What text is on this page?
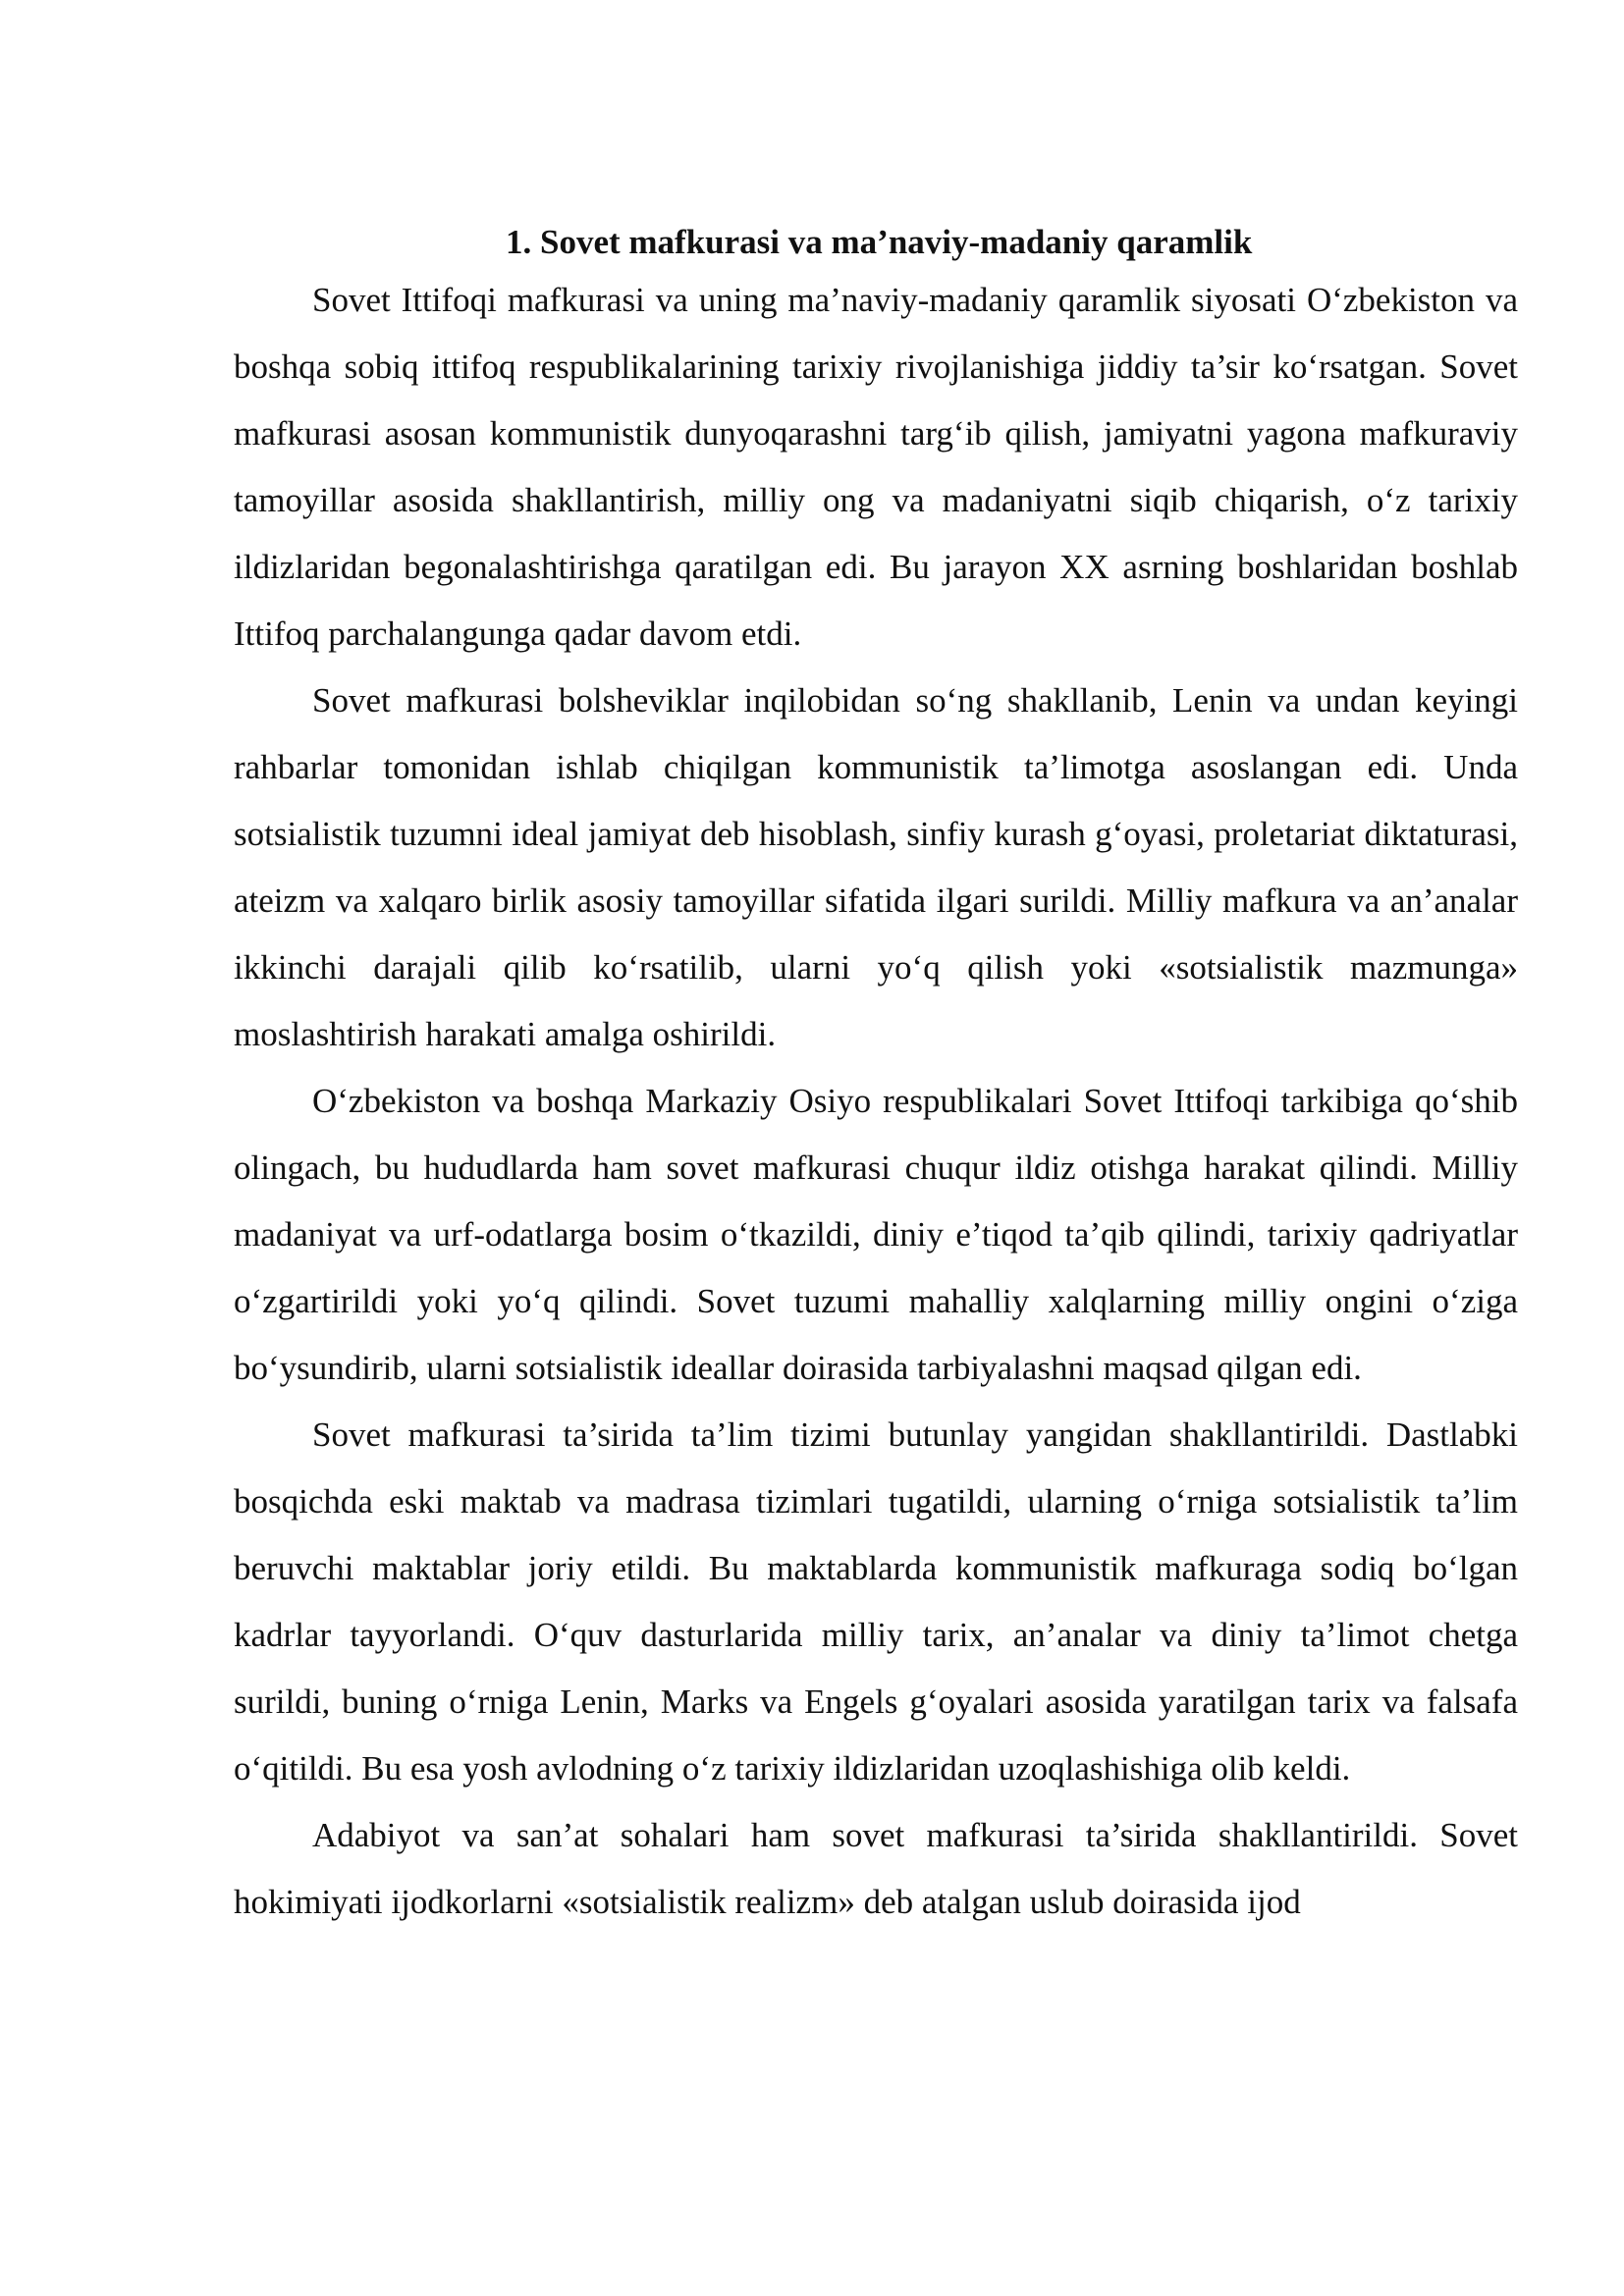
1. Sovet mafkurasi va ma’naviy-madaniy qaramlik

Sovet Ittifoqi mafkurasi va uning ma’naviy-madaniy qaramlik siyosati O‘zbekiston va boshqa sobiq ittifoq respublikalarining tarixiy rivojlanishiga jiddiy ta’sir ko‘rsatgan. Sovet mafkurasi asosan kommunistik dunyoqarashni targ‘ib qilish, jamiyatni yagona mafkuraviy tamoyillar asosida shakllantirish, milliy ong va madaniyatni siqib chiqarish, o‘z tarixiy ildizlaridan begonalashtirishga qaratilgan edi. Bu jarayon XX asrning boshlaridan boshlab Ittifoq parchalangunga qadar davom etdi.

Sovet mafkurasi bolsheviklar inqilobidan so‘ng shakllanib, Lenin va undan keyingi rahbarlar tomonidan ishlab chiqilgan kommunistik ta’limotga asoslangan edi. Unda sotsialistik tuzumni ideal jamiyat deb hisoblash, sinfiy kurash g‘oyasi, proletariat diktaturasi, ateizm va xalqaro birlik asosiy tamoyillar sifatida ilgari surildi. Milliy mafkura va an’analar ikkinchi darajali qilib ko‘rsatilib, ularni yo‘q qilish yoki «sotsialistik mazmunga» moslashtirish harakati amalga oshirildi.

O‘zbekiston va boshqa Markaziy Osiyo respublikalari Sovet Ittifoqi tarkibiga qo‘shib olingach, bu hududlarda ham sovet mafkurasi chuqur ildiz otishga harakat qilindi. Milliy madaniyat va urf-odatlarga bosim o‘tkazildi, diniy e’tiqod ta’qib qilindi, tarixiy qadriyatlar o‘zgartirildi yoki yo‘q qilindi. Sovet tuzumi mahalliy xalqlarning milliy ongini o‘ziga bo‘ysundirib, ularni sotsialistik ideallar doirasida tarbiyalashni maqsad qilgan edi.

Sovet mafkurasi ta’sirida ta’lim tizimi butunlay yangidan shakllantirildi. Dastlabki bosqichda eski maktab va madrasa tizimlari tugatildi, ularning o‘rniga sotsialistik ta’lim beruvchi maktablar joriy etildi. Bu maktablarda kommunistik mafkuraga sodiq bo‘lgan kadrlar tayyorlandi. O‘quv dasturlarida milliy tarix, an’analar va diniy ta’limot chetga surildi, buning o‘rniga Lenin, Marks va Engels g‘oyalari asosida yaratilgan tarix va falsafa o‘qitildi. Bu esa yosh avlodning o‘z tarixiy ildizlaridan uzoqlashishiga olib keldi.

Adabiyot va san’at sohalari ham sovet mafkurasi ta’sirida shakllantirildi. Sovet hokimiyati ijodkorlarni «sotsialistik realizm» deb atalgan uslub doirasida ijod
